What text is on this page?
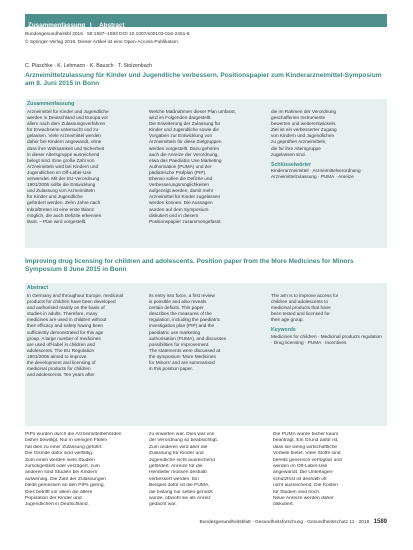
Zusammenfassung | Abstract
Bundesgesundheitsbl 2016 · 59:1587–1593 DOI 10.1007/s00103-016-2451-8
© Springer-Verlag 2016. Dieser Artikel ist eine Open-Access-Publikation.
C. Plaschke · K. Lehmann · K. Bausch · T. Stolzenbach
Arzneimittelzulassung für Kinder und Jugendliche verbessern. Positionspapier zum Kinderarzneimittel-Symposium am 8. Juni 2015 in Bonn
Zusammenfassung
Arzneimittel für Kinder und Jugendliche
werden in Deutschland und Europa vor
allem nach dem Zulassungsverfahren
für Erwachsene untersucht und zu-
gelassen. Viele Arzneimittel werden
daher bei Kindern angewandt, ohne
dass ihre Wirksamkeit und Sicherheit
in dieser Altersgruppe ausreichend
belegt sind. Eine große Zahl von
Arzneimitteln wird bei Kindern und
Jugendlichen im Off-Label-Use
verwendet. Mit der EU-Verordnung
1901/2006 sollte die Entwicklung
und Zulassung von Arzneimitteln
für Kinder und Jugendliche
gefördert werden. Zehn Jahre nach
Inkrafttreten ist eine erste Bilanz
möglich, die auch Defizite erkennen
lässt. – Plan wird vorgestellt.
Welche Maßnahmen dieser Plan umfasst,
wird im Folgenden dargestellt.
Die Erweiterung der Zulassung für
Kinder und Jugendliche sowie die
Vorgaben zur Entwicklung von
Arzneimitteln für diese Zielgruppen
werden vorgestellt. Dazu gehören
auch die Anreize der Verordnung,
etwa das Paediatric Use Marketing
Authorisation (PUMA) und der
pädiatrische Prüfplan (PIP).
Ebenso sollen die Defizite und
Verbesserungsmöglichkeiten
aufgezeigt werden, damit mehr
Arzneimittel für Kinder zugelassen
werden können. Die Aussagen
wurden auf dem Symposium
diskutiert und in diesem
Positionspapier zusammengefasst.
die im Rahmen der Verordnung
geschaffenen Instrumente
bewerten und weiterentwickeln.
Ziel ist ein verbesserter Zugang
von Kindern und Jugendlichen
zu geprüften Arzneimitteln,
die für ihre Altersgruppe
zugelassen sind.
Schlüsselwörter
Kinderarzneimittel · Arzneimittelverordnung · Arzneimittelzulassung · PUMA · Anreize
Improving drug licensing for children and adolescents. Position paper from the More Medicines for Minors Symposium 8 June 2015 in Bonn
Abstract
In Germany and throughout Europe, medicinal
products for children have been developed
and authorised mainly on the basis of
studies in adults. Therefore, many
medicines are used in children without
their efficacy and safety having been
sufficiently demonstrated for this age
group. A large number of medicines
are used off-label in children and
adolescents. The EU Regulation
1901/2006 aimed to improve
the development and licensing of
medicinal products for children
and adolescents. Ten years after
its entry into force, a first review
is possible and also reveals
certain deficits. This paper
describes the measures of the
regulation, including the paediatric
investigation plan (PIP) and the
paediatric use marketing
authorisation (PUMA), and discusses
possibilities for improvement.
The statements were discussed at
the symposium 'More Medicines
for Minors' and are summarised
in this position paper.
The aim is to improve access for
children and adolescents to
medicinal products that have
been tested and licensed for
their age group.
Keywords
Medicines for children · Medicinal products regulation · Drug licensing · PUMA · Incentives
PIPs wurden durch die Arzneimittelbehörden
bisher bewilligt. Nur in wenigen Fällen
hat dies zu einer Zulassung geführt.
Die Gründe dafür sind vielfältig.
Zum einen werden viele Studien
zurückgestellt oder verzögert, zum
anderen sind Studien bei Kindern
aufwendig. Die Zahl der Zulassungen
bleibt gemessen an den PIPs gering.
Dies betrifft vor allem die ältere
Population der Kinder und
Jugendlichen in Deutschland.
zu erwarten war. Dies war von
der Verordnung so beabsichtigt.
Zum anderen wird aber die
Zulassung für Kinder und
Jugendliche nicht ausreichend
gefördert. Anreize für die
Hersteller müssen deshalb
verbessert werden. Ein
Beispiel dafür ist die PUMA,
die bislang nur selten genutzt
wurde, obwohl sie als Anreiz
gedacht war.
Die PUMA wurde bisher kaum
beantragt. Ein Grund dafür ist,
dass sie wenig wirtschaftliche
Vorteile bietet. Viele Stoffe sind
bereits generisch verfügbar und
werden im Off-Label-Use
angewandt. Die Unterlagen-
schutzfrist ist deshalb oft
nicht ausreichend. Die Kosten
für Studien sind hoch.
Neue Anreize werden daher
diskutiert.
Bundesgesundheitsblatt - Gesundheitsforschung - Gesundheitsschutz 11 · 2016 1589
